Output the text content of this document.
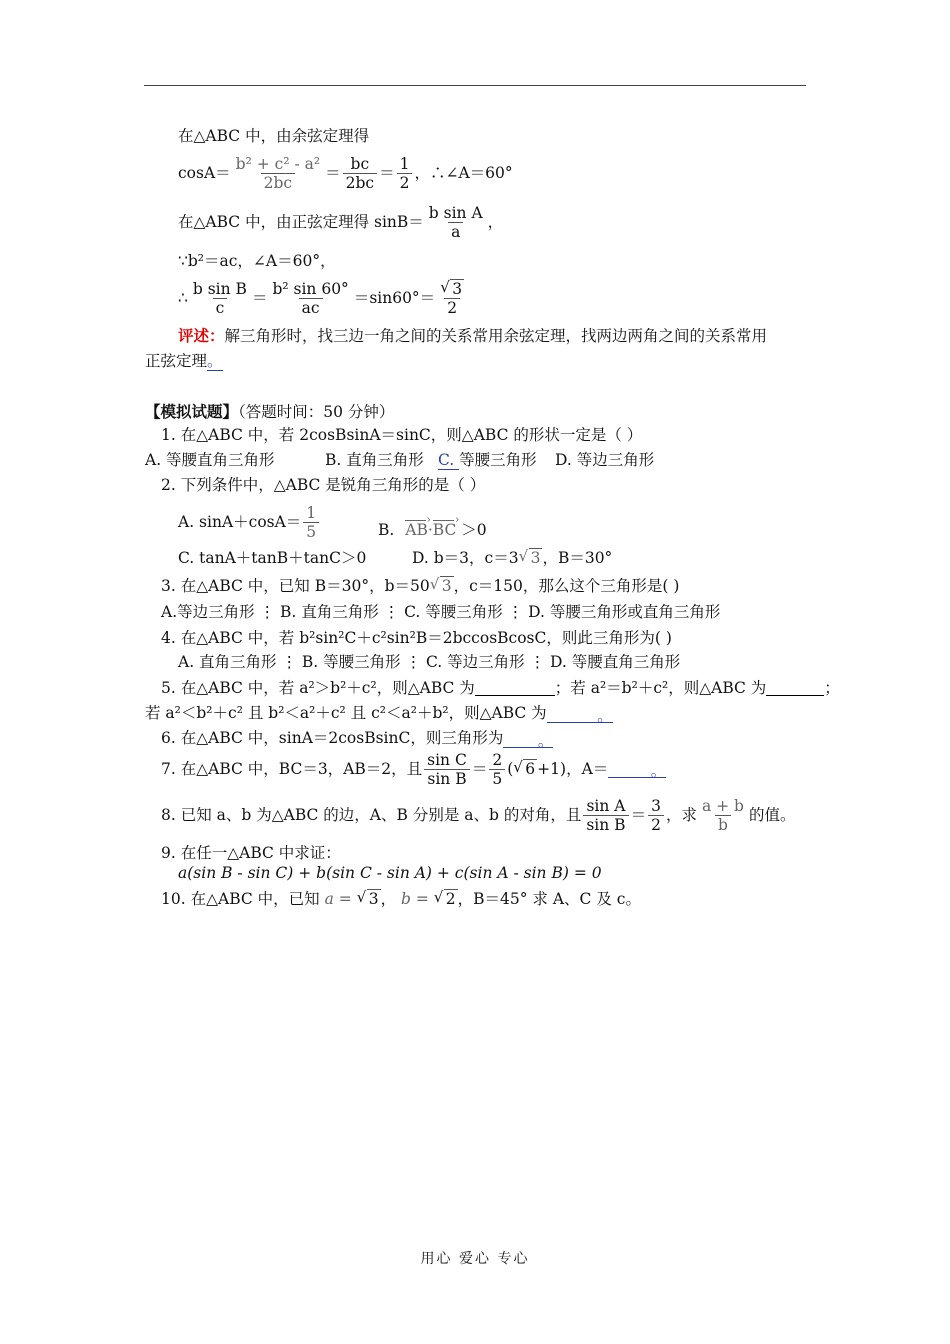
在△ABC 中，由余弦定理得
$\cos A= \frac{\text{b² + c² - a²}}{2bc} = \frac{bc}{2bc} = \frac{1}{2}$ ，∴∠A＝60°
在△ABC 中，由正弦定理得 $\sin B= \frac{\text{b sin A}}{a}$ ，
∵b²＝ac，∠A＝60°，
∴ $\frac{\text{b sin B}}{c} = \frac{\text{b² sin 60°}}{ac} =\sin 60^\circ= \frac{√ 3}{2}$
评述：解三角形时，找三边一角之间的关系常用余弦定理，找两边两角之间的关系常用
正弦定理。
【模拟试题】（答题时间：50 分钟）
1. 在△ABC 中，若 2cosBsinA＝sinC，则△ABC 的形状一定是（ ）
A. 等腰直角三角形	B. 直角三角形 C. 等腰三角形 D. 等边三角形
2. 下列条件中，△ABC 是锐角三角形的是（ ）
A. $\sin A+\cos A= \frac{1}{5}$	B. AB ›·BC › ＞0
C. tanA＋tanB＋tanC＞0	D. b＝3，c＝3 √ 3 ，B＝30°
3. 在△ABC 中，已知 B＝30°，b＝50 √ 3 ，c＝150，那么这个三角形是( )
A.等边三角形 ⋮ B. 直角三角形 ⋮ C. 等腰三角形 ⋮ D. 等腰三角形或直角三角形
4. 在△ABC 中，若 b²sin²C＋c²sin²B＝2bccosBcosC，则此三角形为( )
A. 直角三角形 ⋮ B. 等腰三角形 ⋮ C. 等边三角形 ⋮ D. 等腰直角三角形
5. 在△ABC 中，若 a²＞b²＋c²，则△ABC 为	；若 a²＝b²＋c²，则△ABC 为	；
若 a²＜b²＋c² 且 b²＜a²＋c² 且 c²＜a²＋b²，则△ABC 为	。
6. 在△ABC 中，sinA＝2cosBsinC，则三角形为 。
7. 在△ABC 中，BC＝3，AB＝2，且 $\frac{\text{sin C}}{\text{sin B}} = \frac{2}{5}$ ( √ 6 +1) ，A＝	。
8. 已知 a、b 为△ABC 的边，A、B 分别是 a、b 的对角，且 $\frac{\text{sin A}}{\text{sin B}} = \frac{3}{2}$ ，求 $\frac{a + b}{b}$ 的值。
9. 在任一△ABC 中求证：
a(sin B - sin C) + b(sin C - sin A) + c(sin A - sin B) = 0
10. 在△ABC 中，已知 a = √ 3 ， b = √ 2 ，B＝45° 求 A、C 及 c。
用心 爱心 专心
